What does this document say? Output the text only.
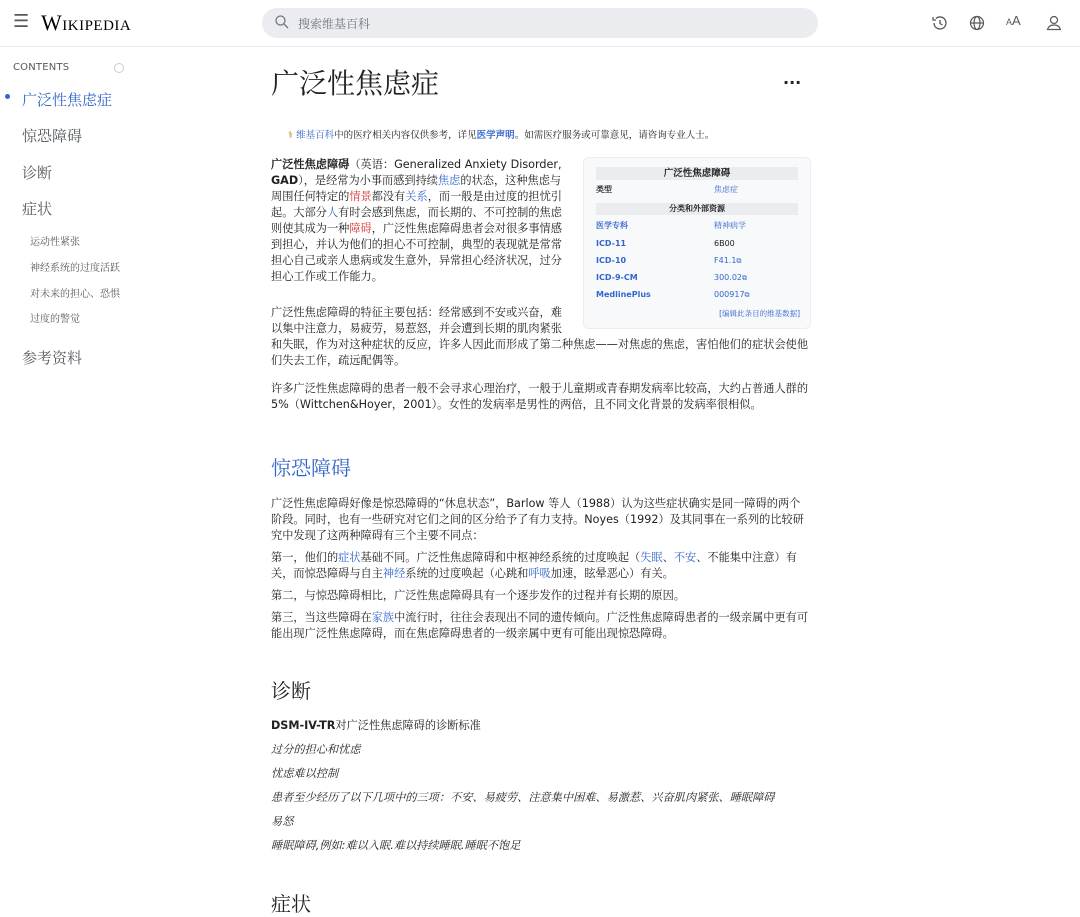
☰ Wikipedia
搜索维基百科	AA
CONTENTS
广泛性焦虑症
惊恐障碍
诊断
症状
运动性紧张
神经系统的过度活跃
对未来的担心、恐惧
过度的警觉
参考资料
广泛性焦虑症	···
⚕ 维基百科中的医疗相关内容仅供参考，详见医学声明。如需医疗服务或可靠意见，请咨询专业人士。
广泛性焦虑障碍
类型	焦虑症
分类和外部资源
医学专科	精神病学
ICD-11	6B00
ICD-10	F41.1⧉
ICD-9-CM	300.02⧉
MedlinePlus	000917⧉
[编辑此条目的维基数据]

广泛性焦虑障碍（英语：Generalized Anxiety Disorder, GAD），是经常为小事而感到持续焦虑的状态，这种焦虑与周围任何特定的情景都没有关系，而一般是由过度的担忧引起。大部分人有时会感到焦虑，而长期的、不可控制的焦虑则使其成为一种障碍，广泛性焦虑障碍患者会对很多事情感到担心，并认为他们的担心不可控制，典型的表现就是常常担心自己或亲人患病或发生意外，异常担心经济状况，过分担心工作或工作能力。

广泛性焦虑障碍的特征主要包括：经常感到不安或兴奋，难以集中注意力，易疲劳，易惹怒，并会遭到长期的肌肉紧张和失眠，作为对这种症状的反应，许多人因此而形成了第二种焦虑——对焦虑的焦虑，害怕他们的症状会使他们失去工作，疏远配偶等。

许多广泛性焦虑障碍的患者一般不会寻求心理治疗，一般于儿童期或青春期发病率比较高，大约占普通人群的5%（Wittchen&Hoyer，2001）。女性的发病率是男性的两倍，且不同文化背景的发病率很相似。

惊恐障碍

广泛性焦虑障碍好像是惊恐障碍的“休息状态”，Barlow 等人（1988）认为这些症状确实是同一障碍的两个阶段。同时，也有一些研究对它们之间的区分给予了有力支持。Noyes（1992）及其同事在一系列的比较研究中发现了这两种障碍有三个主要不同点：

第一，他们的症状基础不同。广泛性焦虑障碍和中枢神经系统的过度唤起（失眠、不安、不能集中注意）有关，而惊恐障碍与自主神经系统的过度唤起（心跳和呼吸加速，眩晕恶心）有关。

第二，与惊恐障碍相比，广泛性焦虑障碍具有一个逐步发作的过程并有长期的原因。

第三，当这些障碍在家族中流行时，往往会表现出不同的遗传倾向。广泛性焦虑障碍患者的一级亲属中更有可能出现广泛性焦虑障碍，而在焦虑障碍患者的一级亲属中更有可能出现惊恐障碍。

诊断

DSM-IV-TR对广泛性焦虑障碍的诊断标准

过分的担心和忧虑

忧虑难以控制

患者至少经历了以下几项中的三项：不安、易疲劳、注意集中困难、易激惹、兴奋肌肉紧张、睡眠障碍

易怒

睡眠障碍,例如:难以入眠.难以持续睡眠.睡眠不饱足

症状
